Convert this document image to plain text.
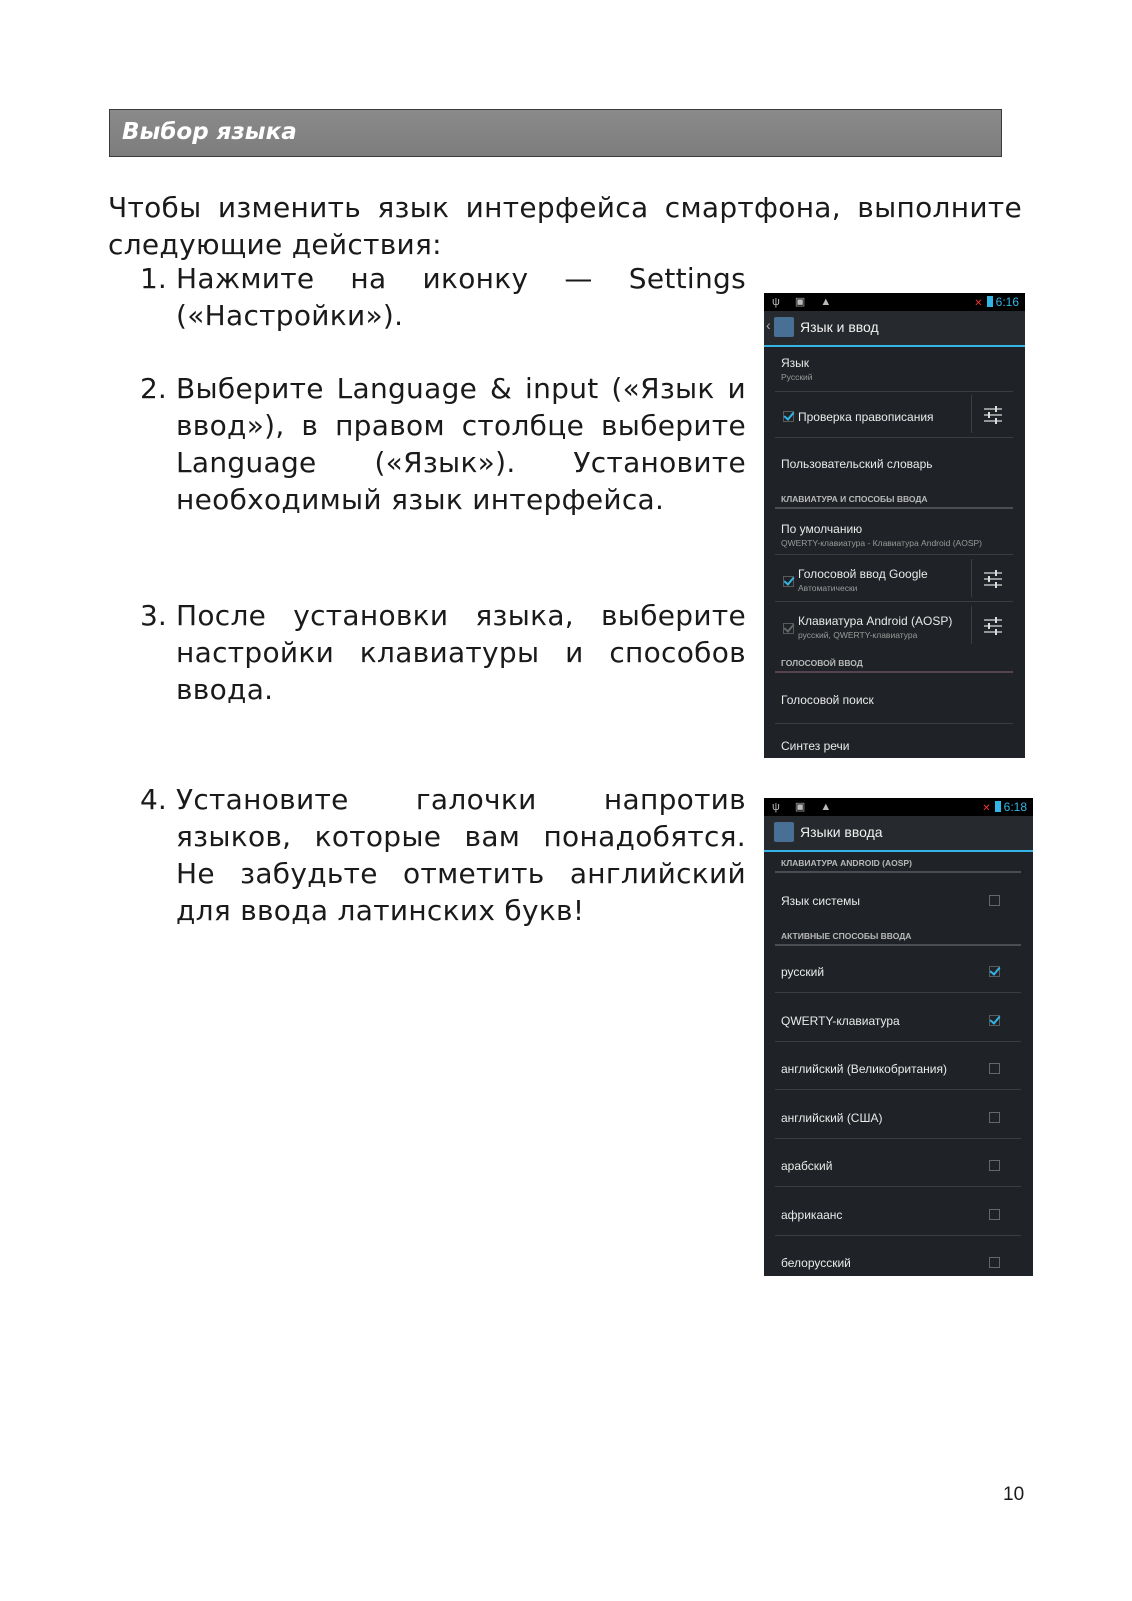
Выбор языка
Чтобы изменить язык интерфейса смартфона, выполните следующие действия:
1. Нажмите на иконку — Settings («Настройки»).
2. Выберите Language & input («Язык и ввод»), в правом столбце выберите Language («Язык»). Установите необходимый язык интерфейса.
3. После установки языка, выберите настройки клавиатуры и способов ввода.
4. Установите галочки напротив языков, которые вам понадобятся. Не забудьте отметить английский для ввода латинских букв!
ψ ▣ ▲	✕ 6:16
‹ Язык и ввод
Язык
Русский
Проверка правописания
Пользовательский словарь
КЛАВИАТУРА И СПОСОБЫ ВВОДА
По умолчанию
QWERTY-клавиатура - Клавиатура Android (AOSP)
Голосовой ввод Google
Автоматически
Клавиатура Android (AOSP)
русский, QWERTY-клавиатура
ГОЛОСОВОЙ ВВОД
Голосовой поиск
Синтез речи
ψ ▣ ▲	✕ 6:18
Языки ввода
КЛАВИАТУРА ANDROID (AOSP)
Язык системы
АКТИВНЫЕ СПОСОБЫ ВВОДА
русский
QWERTY-клавиатура
английский (Великобритания)
английский (США)
арабский
африкаанс
белорусский
10
